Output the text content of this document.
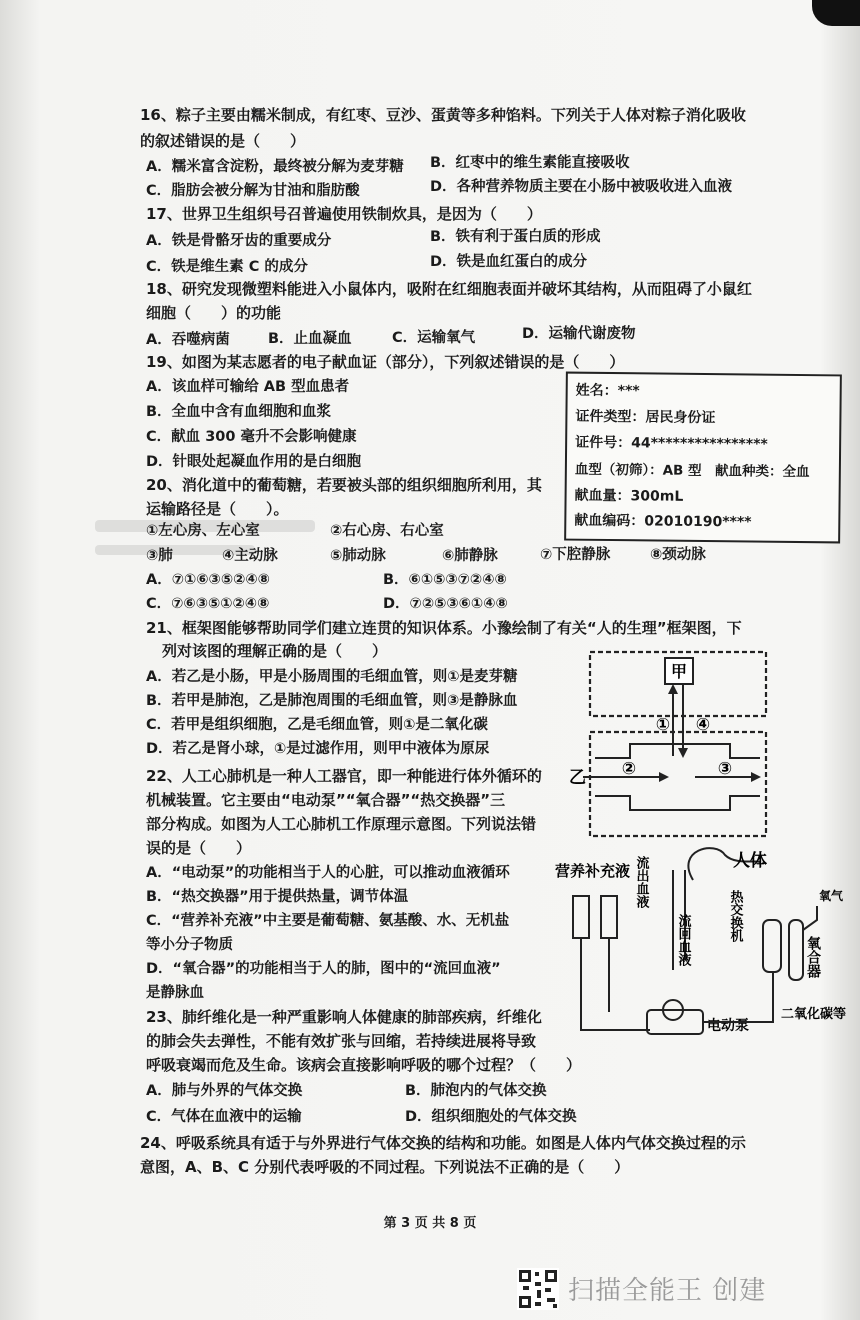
16、粽子主要由糯米制成，有红枣、豆沙、蛋黄等多种馅料。下列关于人体对粽子消化吸收
的叙述错误的是（　　）
A．糯米富含淀粉，最终被分解为麦芽糖 B．红枣中的维生素能直接吸收
C．脂肪会被分解为甘油和脂肪酸	D．各种营养物质主要在小肠中被吸收进入血液
17、世界卫生组织号召普遍使用铁制炊具，是因为（　　）
A．铁是骨骼牙齿的重要成分	B．铁有利于蛋白质的形成
C．铁是维生素 C 的成分	D．铁是血红蛋白的成分
18、研究发现微塑料能进入小鼠体内，吸附在红细胞表面并破坏其结构，从而阻碍了小鼠红
细胞（　　）的功能
A．吞噬病菌	B．止血凝血	C．运输氧气	D．运输代谢废物
19、如图为某志愿者的电子献血证（部分），下列叙述错误的是（　　）
A．该血样可输给 AB 型血患者
B．全血中含有血细胞和血浆
C．献血 300 毫升不会影响健康
D．针眼处起凝血作用的是白细胞
姓名：***
证件类型：居民身份证
证件号：44****************
血型（初筛）：AB 型　献血种类：全血
献血量：300mL
献血编码：02010190****
20、消化道中的葡萄糖，若要被头部的组织细胞所利用，其
运输路径是（　　）。
①左心房、左心室	②右心房、右心室
③肺	④主动脉	⑤肺动脉	⑥肺静脉	⑦下腔静脉	⑧颈动脉
A．⑦①⑥③⑤②④⑧	B．⑥①⑤③⑦②④⑧
C．⑦⑥③⑤①②④⑧	D．⑦②⑤③⑥①④⑧
21、框架图能够帮助同学们建立连贯的知识体系。小豫绘制了有关“人的生理”框架图，下
列对该图的理解正确的是（　　）
A．若乙是小肠，甲是小肠周围的毛细血管，则①是麦芽糖
B．若甲是肺泡，乙是肺泡周围的毛细血管，则③是静脉血
C．若甲是组织细胞，乙是毛细血管，则①是二氧化碳
D．若乙是肾小球，①是过滤作用，则甲中液体为原尿
甲
① ④
乙 ②	③
22、人工心肺机是一种人工器官，即一种能进行体外循环的
机械装置。它主要由“电动泵”“氧合器”“热交换器”三
部分构成。如图为人工心肺机工作原理示意图。下列说法错
误的是（　　）
A．“电动泵”的功能相当于人的心脏，可以推动血液循环
B．“热交换器”用于提供热量，调节体温
C．“营养补充液”中主要是葡萄糖、氨基酸、水、无机盐
等小分子物质
D．“氧合器”的功能相当于人的肺，图中的“流回血液”
是静脉血
营养补充液 流出血液	人体
热交换机
流回血液	氧合器
氧气
电动泵
二氧化碳等
23、肺纤维化是一种严重影响人体健康的肺部疾病，纤维化
的肺会失去弹性，不能有效扩张与回缩，若持续进展将导致
呼吸衰竭而危及生命。该病会直接影响呼吸的哪个过程？（　　）
A．肺与外界的气体交换	B．肺泡内的气体交换
C．气体在血液中的运输	D．组织细胞处的气体交换
24、呼吸系统具有适于与外界进行气体交换的结构和功能。如图是人体内气体交换过程的示
意图，A、B、C 分别代表呼吸的不同过程。下列说法不正确的是（　　）
第 3 页 共 8 页
扫描全能王 创建
